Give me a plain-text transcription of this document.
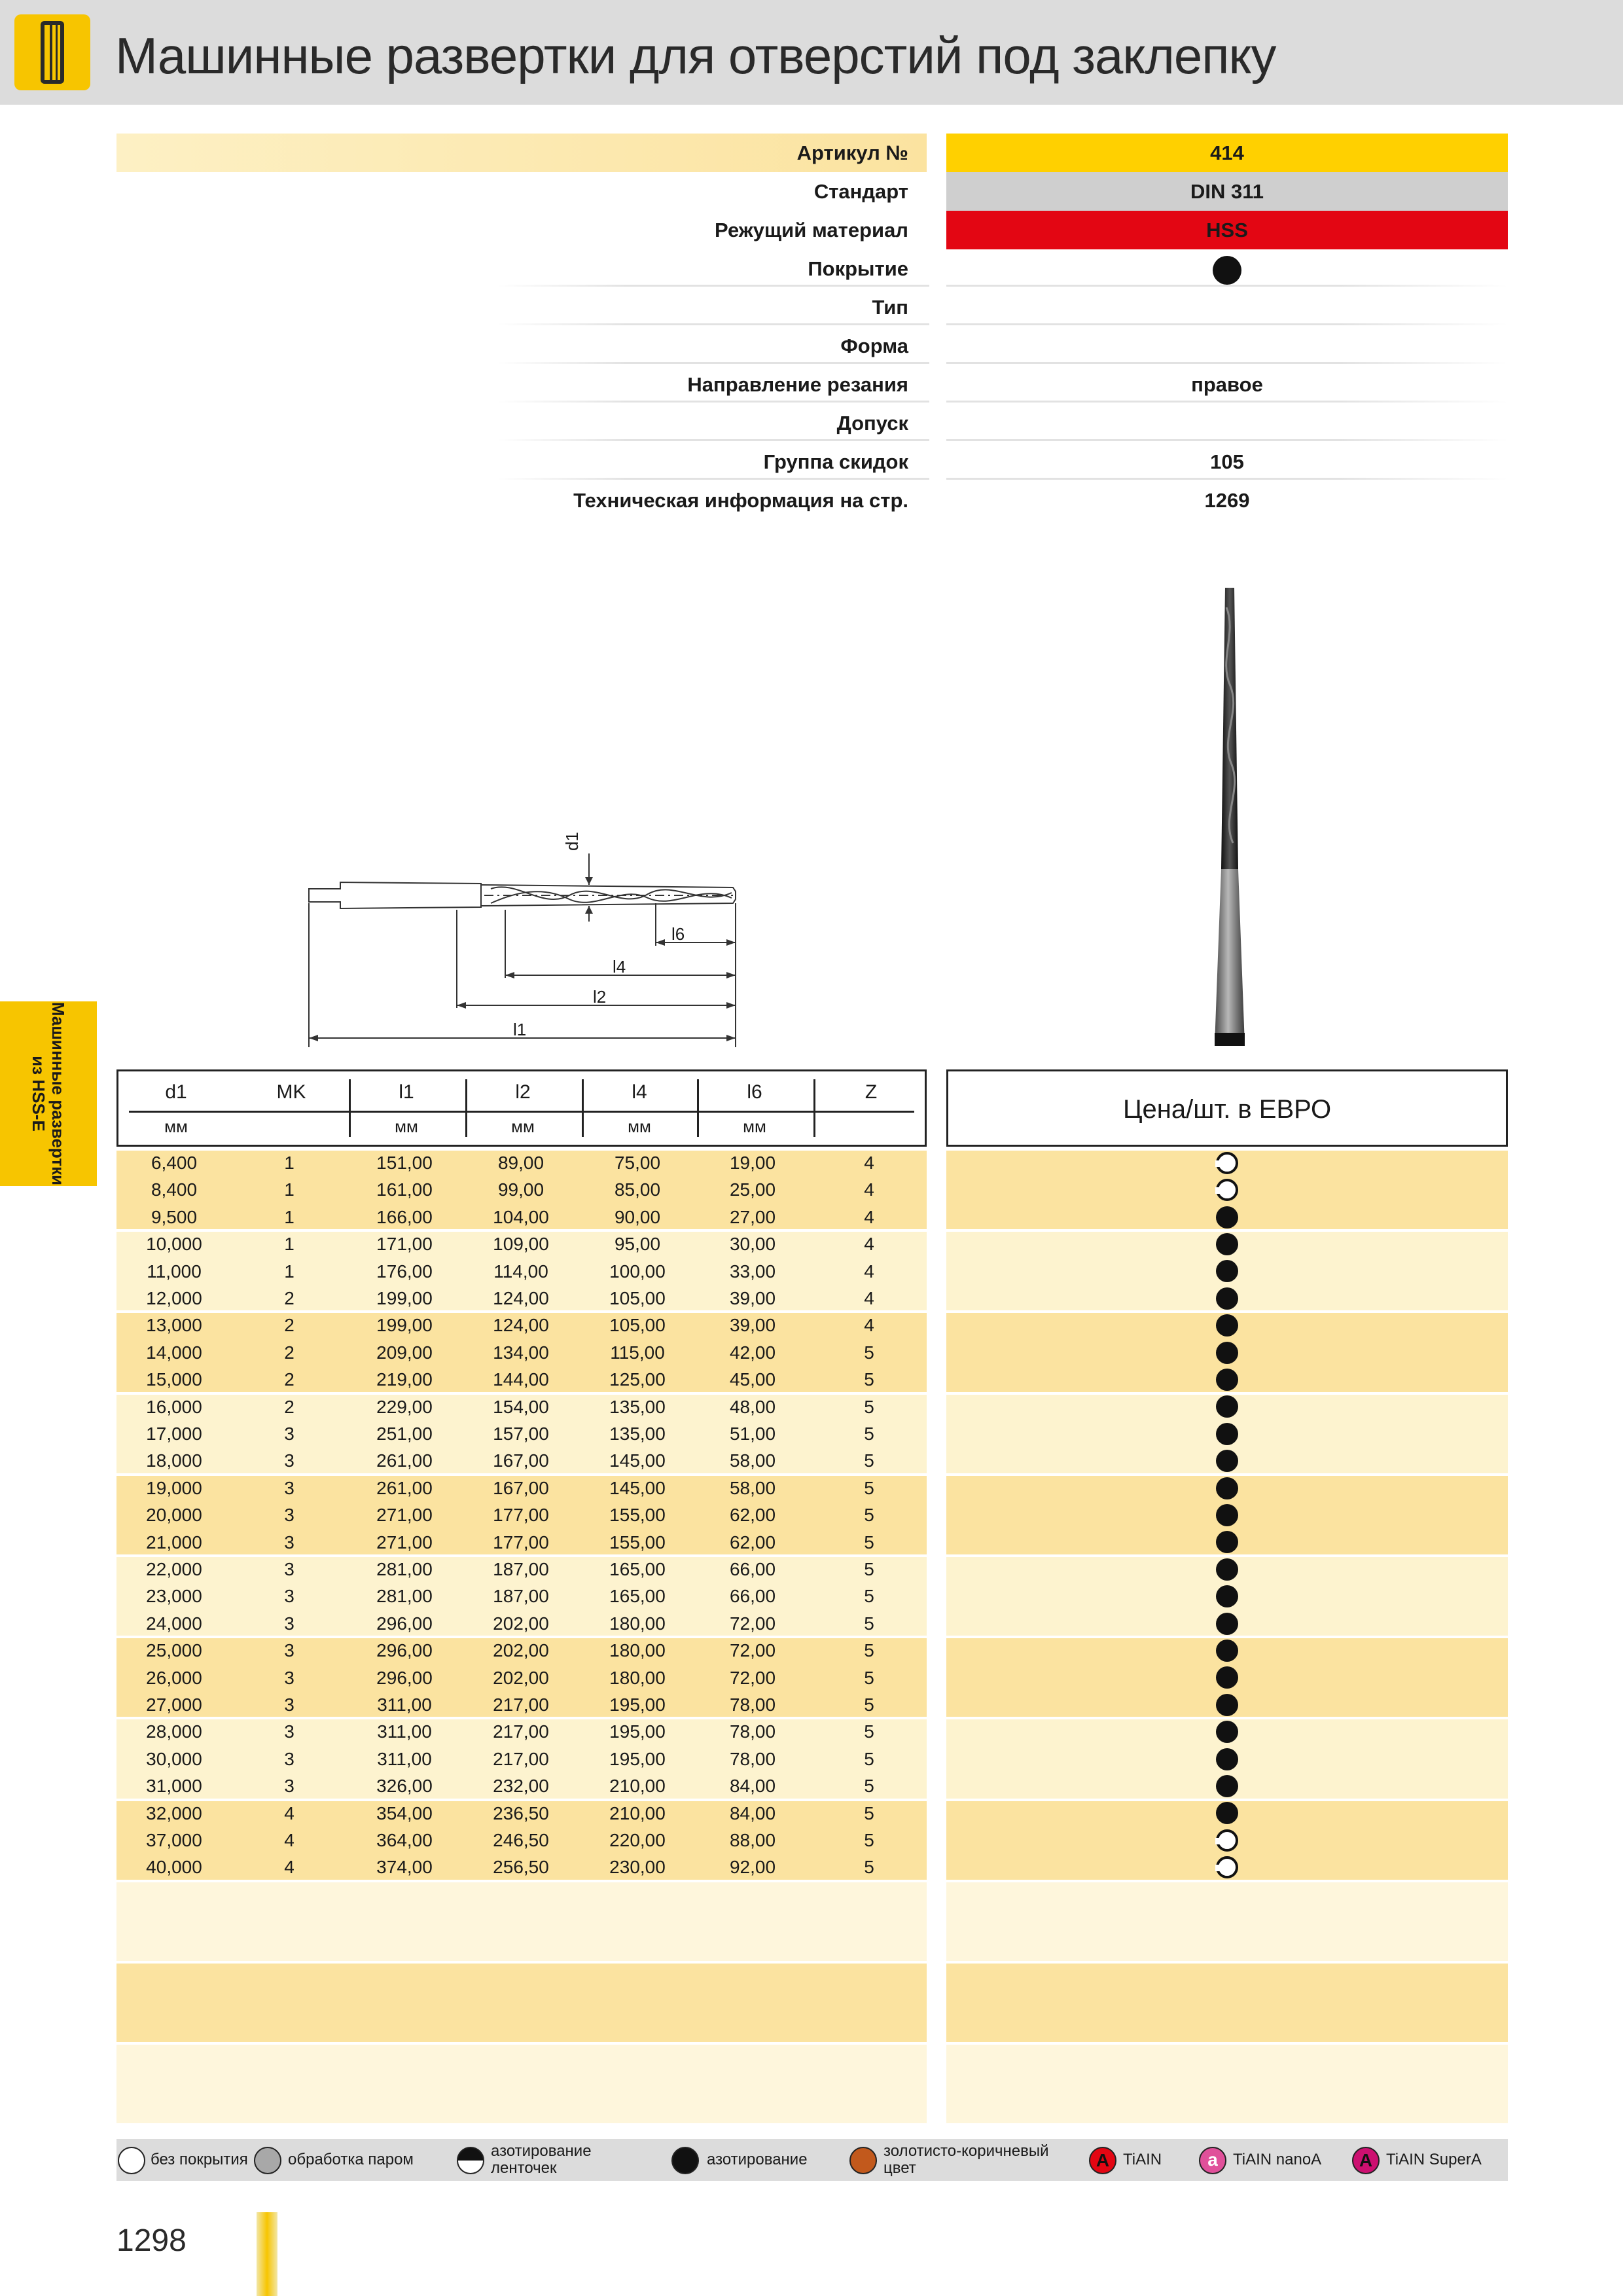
Машинные развертки для отверстий под заклепку
Артикул №	414
Стандарт	DIN 311
Режущий материал	HSS
Покрытие
Тип
Форма
Направление резания	правое
Допуск
Группа скидок	105
Техническая информация на стр.	1269
Машинные развертки из HSS-E
d1
l6
l4
l2
l1
d1	MK	l1	l2	l4	l6	Z
мм	мм	мм	мм	мм
Цена/шт. в ЕВРО
6,400	1	151,00	89,00	75,00	19,00	4
8,400	1	161,00	99,00	85,00	25,00	4
9,500	1	166,00	104,00	90,00	27,00	4
10,000	1	171,00	109,00	95,00	30,00	4
11,000	1	176,00	114,00	100,00	33,00	4
12,000	2	199,00	124,00	105,00	39,00	4
13,000	2	199,00	124,00	105,00	39,00	4
14,000	2	209,00	134,00	115,00	42,00	5
15,000	2	219,00	144,00	125,00	45,00	5
16,000	2	229,00	154,00	135,00	48,00	5
17,000	3	251,00	157,00	135,00	51,00	5
18,000	3	261,00	167,00	145,00	58,00	5
19,000	3	261,00	167,00	145,00	58,00	5
20,000	3	271,00	177,00	155,00	62,00	5
21,000	3	271,00	177,00	155,00	62,00	5
22,000	3	281,00	187,00	165,00	66,00	5
23,000	3	281,00	187,00	165,00	66,00	5
24,000	3	296,00	202,00	180,00	72,00	5
25,000	3	296,00	202,00	180,00	72,00	5
26,000	3	296,00	202,00	180,00	72,00	5
27,000	3	311,00	217,00	195,00	78,00	5
28,000	3	311,00	217,00	195,00	78,00	5
30,000	3	311,00	217,00	195,00	78,00	5
31,000	3	326,00	232,00	210,00	84,00	5
32,000	4	354,00	236,50	210,00	84,00	5
37,000	4	364,00	246,50	220,00	88,00	5
40,000	4	374,00	256,50	230,00	92,00	5
без покрытия	обработка паром	азотирование ленточек	азотирование	золотисто-коричневый цвет	A TiAIN	a TiAIN nanoA	A TiAIN SuperA
1298
